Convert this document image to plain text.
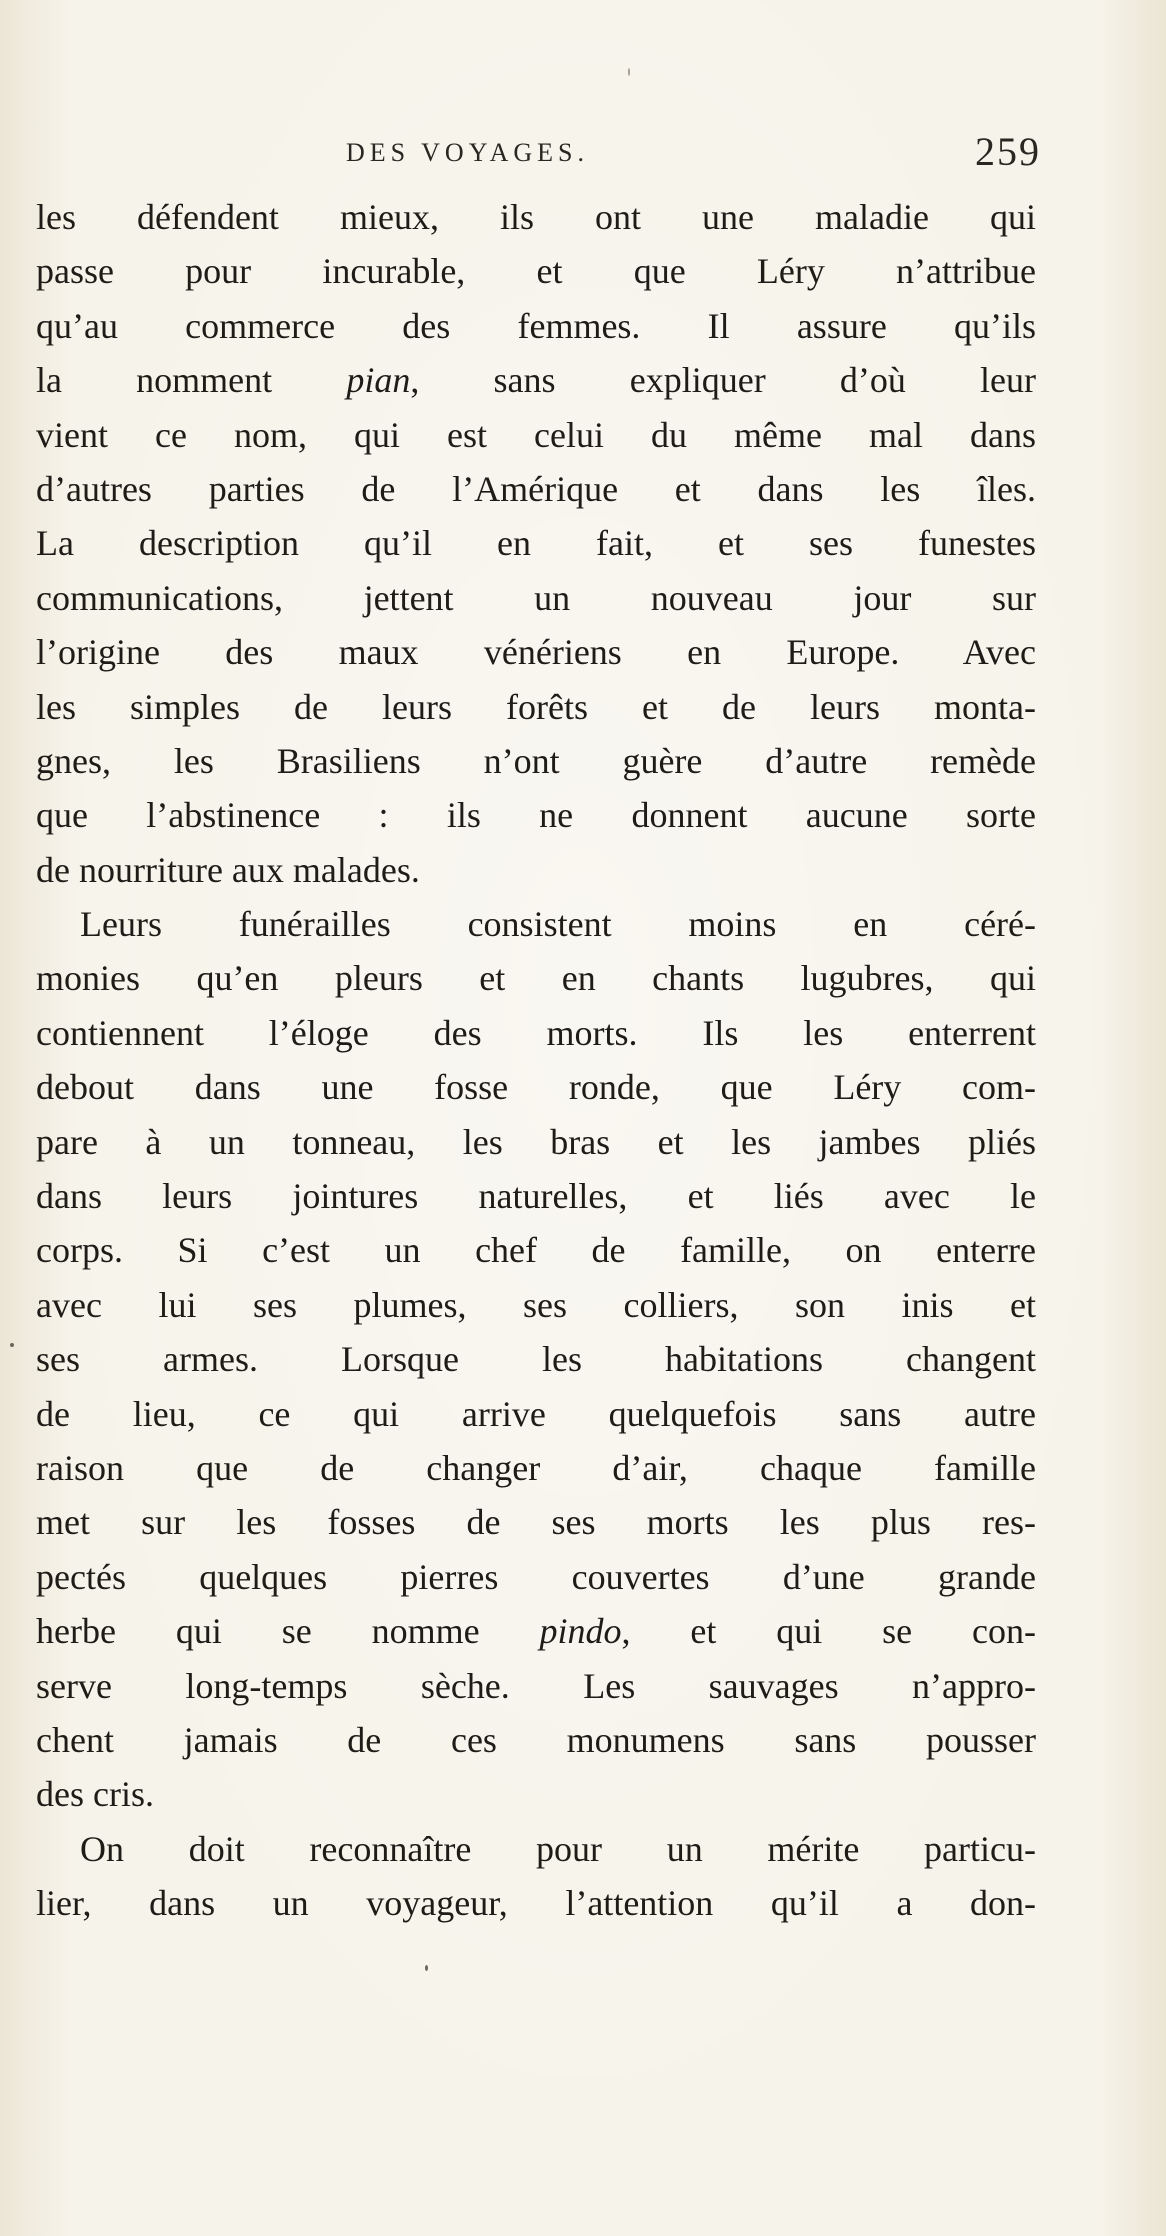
DES VOYAGES.	259
les défendent mieux, ils ont une maladie qui
passe pour incurable, et que Léry n’attribue
qu’au commerce des femmes. Il assure qu’ils
la nomment pian, sans expliquer d’où leur
vient ce nom, qui est celui du même mal dans
d’autres parties de l’Amérique et dans les îles.
La description qu’il en fait, et ses funestes
communications, jettent un nouveau jour sur
l’origine des maux vénériens en Europe. Avec
les simples de leurs forêts et de leurs monta-
gnes, les Brasiliens n’ont guère d’autre remède
que l’abstinence : ils ne donnent aucune sorte
de nourriture aux malades.
Leurs funérailles consistent moins en céré-
monies qu’en pleurs et en chants lugubres, qui
contiennent l’éloge des morts. Ils les enterrent
debout dans une fosse ronde, que Léry com-
pare à un tonneau, les bras et les jambes pliés
dans leurs jointures naturelles, et liés avec le
corps. Si c’est un chef de famille, on enterre
avec lui ses plumes, ses colliers, son inis et
ses armes. Lorsque les habitations changent
de lieu, ce qui arrive quelquefois sans autre
raison que de changer d’air, chaque famille
met sur les fosses de ses morts les plus res-
pectés quelques pierres couvertes d’une grande
herbe qui se nomme pindo, et qui se con-
serve long-temps sèche. Les sauvages n’appro-
chent jamais de ces monumens sans pousser
des cris.
On doit reconnaître pour un mérite particu-
lier, dans un voyageur, l’attention qu’il a don-
